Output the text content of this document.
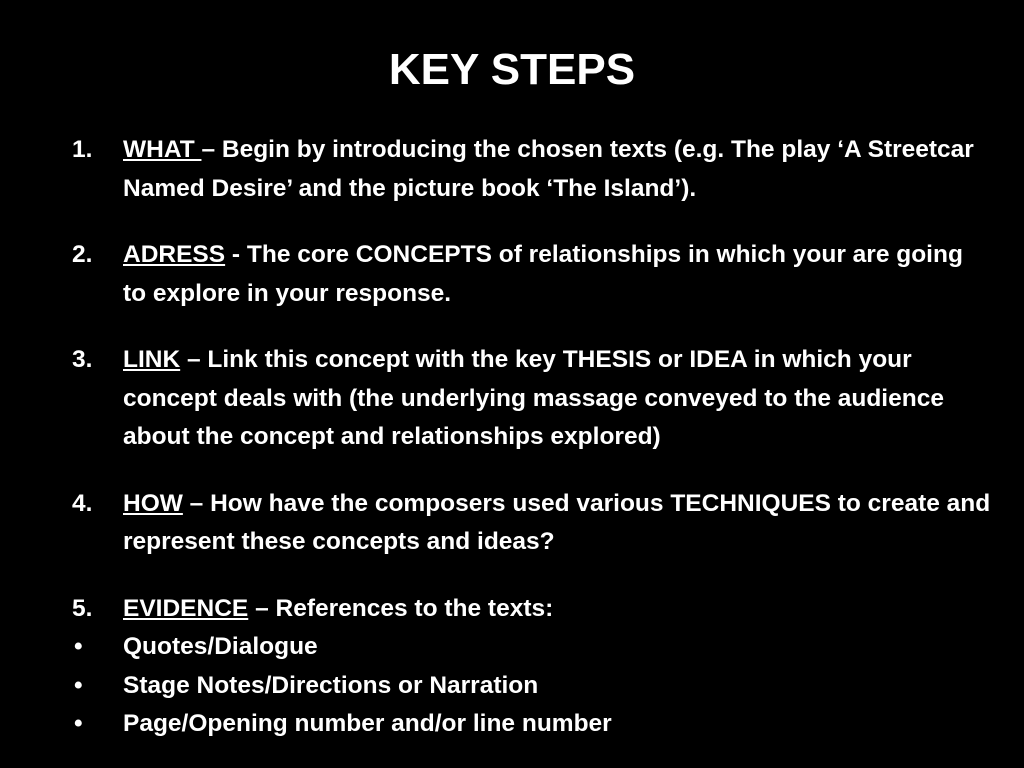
KEY STEPS

1. WHAT – Begin by introducing the chosen texts (e.g. The play ‘A Streetcar Named Desire’ and the picture book ‘The Island’).

2. ADRESS - The core CONCEPTS of relationships in which your are going to explore in your response.

3. LINK – Link this concept with the key THESIS or IDEA in which your concept deals with (the underlying massage conveyed to the audience about the concept and relationships explored)

4. HOW – How have the composers used various TECHNIQUES to create and represent these concepts and ideas?

5. EVIDENCE – References to the texts:

• Quotes/Dialogue

• Stage Notes/Directions or Narration

• Page/Opening number and/or line number
